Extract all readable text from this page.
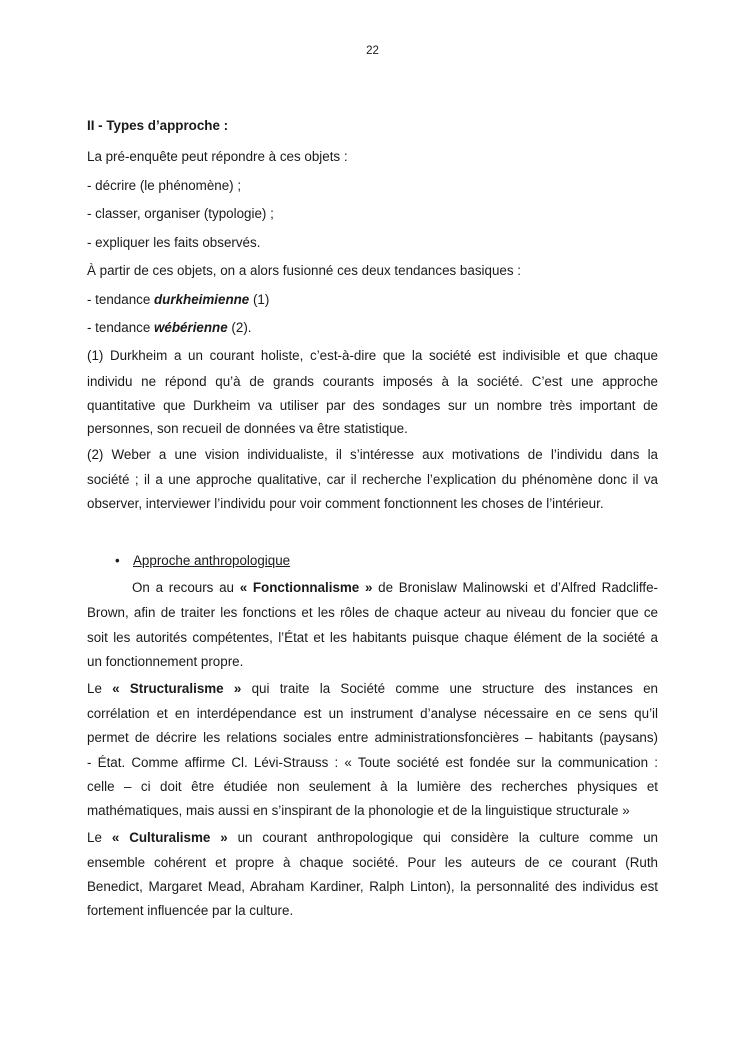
22
II - Types d’approche :
La pré-enquête peut répondre à ces objets :
- décrire (le phénomène) ;
- classer, organiser (typologie) ;
- expliquer les faits observés.
À partir de ces objets, on a alors fusionné ces deux tendances basiques :
- tendance durkheimienne (1)
- tendance wébérienne (2).
(1) Durkheim a un courant holiste, c’est-à-dire que la société est indivisible et que chaque
individu ne répond qu’à de grands courants imposés à la société. C’est une approche
quantitative que Durkheim va utiliser par des sondages sur un nombre très important de
personnes, son recueil de données va être statistique.
(2) Weber a une vision individualiste, il s’intéresse aux motivations de l’individu dans la
société ; il a une approche qualitative, car il recherche l’explication du phénomène donc il va
observer, interviewer l’individu pour voir comment fonctionnent les choses de l’intérieur.
• Approche anthropologique
On a recours au « Fonctionnalisme » de Bronislaw Malinowski et d’Alfred Radcliffe-
Brown, afin de traiter les fonctions et les rôles de chaque acteur au niveau du foncier que ce
soit les autorités compétentes, l’État et les habitants puisque chaque élément de la société a
un fonctionnement propre.
Le « Structuralisme » qui traite la Société comme une structure des instances en
corrélation et en interdépendance est un instrument d’analyse nécessaire en ce sens qu’il
permet de décrire les relations sociales entre administrationsfoncières – habitants (paysans)
- État. Comme affirme Cl. Lévi-Strauss : « Toute société est fondée sur la communication :
celle – ci doit être étudiée non seulement à la lumière des recherches physiques et
mathématiques, mais aussi en s’inspirant de la phonologie et de la linguistique structurale »
Le « Culturalisme » un courant anthropologique qui considère la culture comme un
ensemble cohérent et propre à chaque société. Pour les auteurs de ce courant (Ruth
Benedict, Margaret Mead, Abraham Kardiner, Ralph Linton), la personnalité des individus est
fortement influencée par la culture.
